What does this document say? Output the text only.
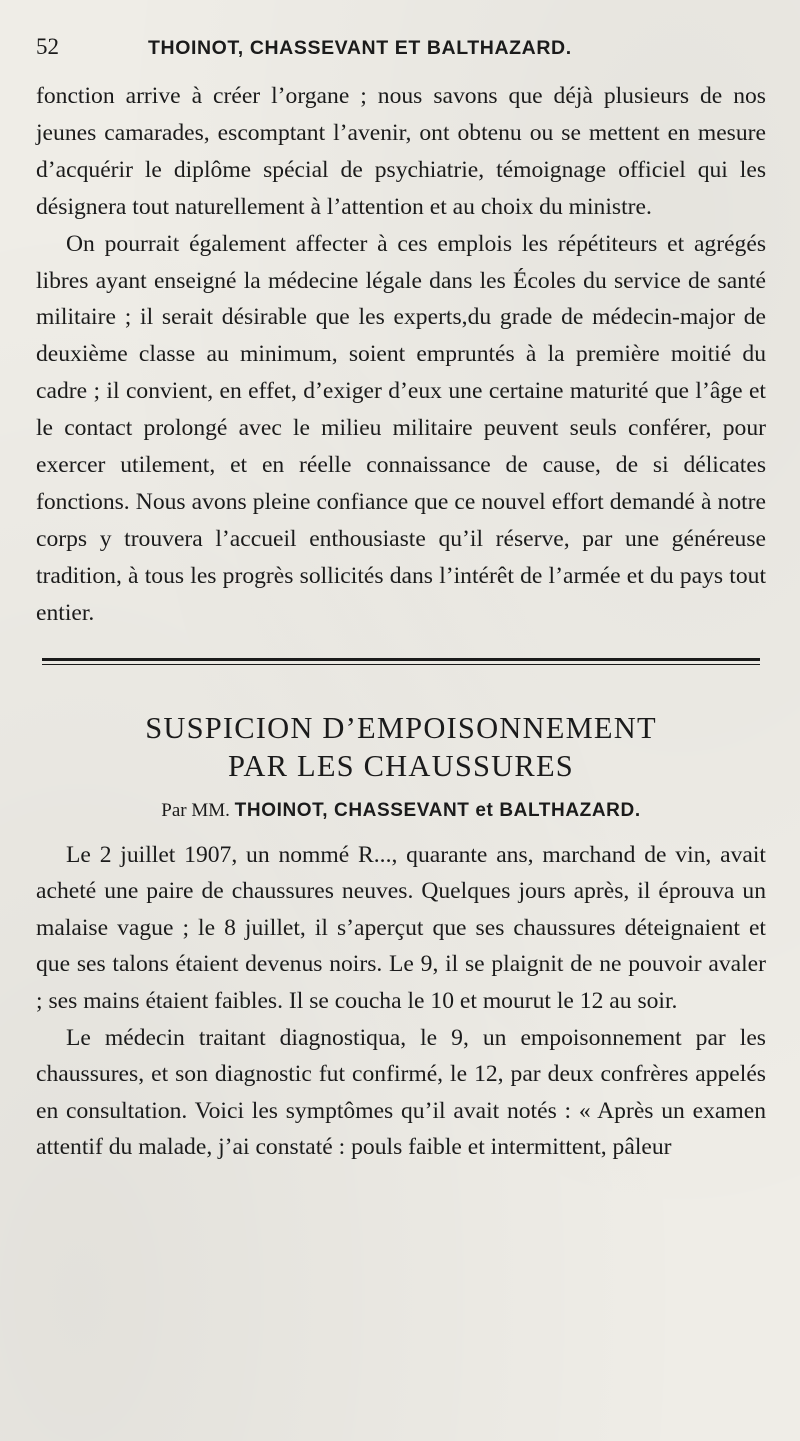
52	THOINOT, CHASSEVANT ET BALTHAZARD.

fonction arrive à créer l’organe ; nous savons que déjà plusieurs de nos jeunes camarades, escomptant l’avenir, ont obtenu ou se mettent en mesure d’acquérir le diplôme spécial de psychiatrie, témoignage officiel qui les désignera tout naturellement à l’attention et au choix du ministre.

On pourrait également affecter à ces emplois les répétiteurs et agrégés libres ayant enseigné la médecine légale dans les Écoles du service de santé militaire ; il serait désirable que les experts,du grade de médecin-major de deuxième classe au minimum, soient empruntés à la première moitié du cadre ; il convient, en effet, d’exiger d’eux une certaine maturité que l’âge et le contact prolongé avec le milieu militaire peuvent seuls conférer, pour exercer utilement, et en réelle connaissance de cause, de si délicates fonctions. Nous avons pleine confiance que ce nouvel effort demandé à notre corps y trouvera l’accueil enthousiaste qu’il réserve, par une généreuse tradition, à tous les progrès sollicités dans l’intérêt de l’armée et du pays tout entier.

SUSPICION D’EMPOISONNEMENT
PAR LES CHAUSSURES
Par MM. THOINOT, CHASSEVANT et BALTHAZARD.

Le 2 juillet 1907, un nommé R..., quarante ans, marchand de vin, avait acheté une paire de chaussures neuves. Quelques jours après, il éprouva un malaise vague ; le 8 juillet, il s’aperçut que ses chaussures déteignaient et que ses talons étaient devenus noirs. Le 9, il se plaignit de ne pouvoir avaler ; ses mains étaient faibles. Il se coucha le 10 et mourut le 12 au soir.

Le médecin traitant diagnostiqua, le 9, un empoisonnement par les chaussures, et son diagnostic fut confirmé, le 12, par deux confrères appelés en consultation. Voici les symptômes qu’il avait notés : « Après un examen attentif du malade, j’ai constaté : pouls faible et intermittent, pâleur
